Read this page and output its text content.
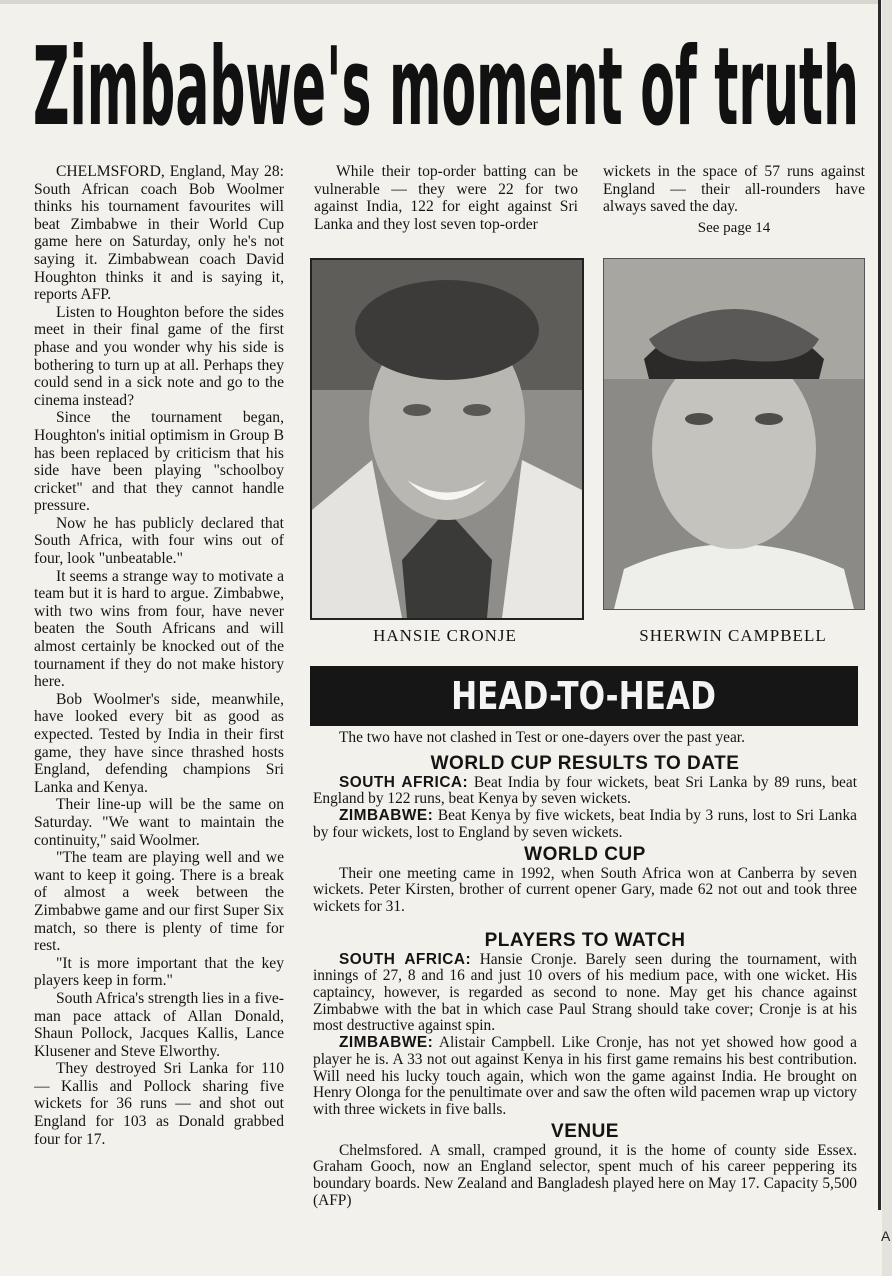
A
Zimbabwe's moment of truth

CHELMSFORD, England, May 28: South African coach Bob Woolmer thinks his tournament favourites will beat Zimbabwe in their World Cup game here on Saturday, only he's not saying it. Zimbabwean coach David Houghton thinks it and is saying it, reports AFP.

Listen to Houghton before the sides meet in their final game of the first phase and you wonder why his side is bothering to turn up at all. Perhaps they could send in a sick note and go to the cinema instead?

Since the tournament began, Houghton's initial optimism in Group B has been replaced by criticism that his side have been playing "schoolboy cricket" and that they cannot handle pressure.

Now he has publicly declared that South Africa, with four wins out of four, look "unbeatable."

It seems a strange way to motivate a team but it is hard to argue. Zimbabwe, with two wins from four, have never beaten the South Africans and will almost certainly be knocked out of the tournament if they do not make history here.

Bob Woolmer's side, meanwhile, have looked every bit as good as expected. Tested by India in their first game, they have since thrashed hosts England, defending champions Sri Lanka and Kenya.

Their line-up will be the same on Saturday. "We want to maintain the continuity," said Woolmer.

"The team are playing well and we want to keep it going. There is a break of almost a week between the Zimbabwe game and our first Super Six match, so there is plenty of time for rest.

"It is more important that the key players keep in form."

South Africa's strength lies in a five-man pace attack of Allan Donald, Shaun Pollock, Jacques Kallis, Lance Klusener and Steve Elworthy.

They destroyed Sri Lanka for 110 — Kallis and Pollock sharing five wickets for 36 runs — and shot out England for 103 as Donald grabbed four for 17.

While their top-order batting can be vulnerable — they were 22 for two against India, 122 for eight against Sri Lanka and they lost seven top-order

wickets in the space of 57 runs against England — their all-rounders have always saved the day.

See page 14
HANSIE CRONJE	SHERWIN CAMPBELL
HEAD-TO-HEAD

The two have not clashed in Test or one-dayers over the past year.

WORLD CUP RESULTS TO DATE

SOUTH AFRICA: Beat India by four wickets, beat Sri Lanka by 89 runs, beat England by 122 runs, beat Kenya by seven wickets.

ZIMBABWE: Beat Kenya by five wickets, beat India by 3 runs, lost to Sri Lanka by four wickets, lost to England by seven wickets.

WORLD CUP

Their one meeting came in 1992, when South Africa won at Canberra by seven wickets. Peter Kirsten, brother of current opener Gary, made 62 not out and took three wickets for 31.

PLAYERS TO WATCH

SOUTH AFRICA: Hansie Cronje. Barely seen during the tournament, with innings of 27, 8 and 16 and just 10 overs of his medium pace, with one wicket. His captaincy, however, is regarded as second to none. May get his chance against Zimbabwe with the bat in which case Paul Strang should take cover; Cronje is at his most destructive against spin.

ZIMBABWE: Alistair Campbell. Like Cronje, has not yet showed how good a player he is. A 33 not out against Kenya in his first game remains his best contribution. Will need his lucky touch again, which won the game against India. He brought on Henry Olonga for the penultimate over and saw the often wild pacemen wrap up victory with three wickets in five balls.

VENUE

Chelmsfored. A small, cramped ground, it is the home of county side Essex. Graham Gooch, now an England selector, spent much of his career peppering its boundary boards. New Zealand and Bangladesh played here on May 17. Capacity 5,500 (AFP)
